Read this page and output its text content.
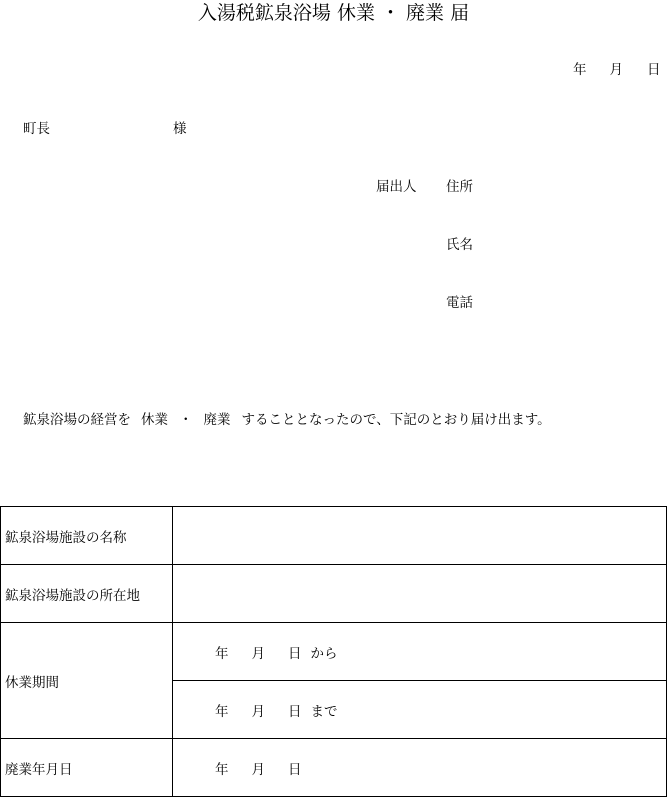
入湯税鉱泉浴場 休業 ・ 廃業 届
年 月 日
町長	様
届出人 住所
氏名
電話
鉱泉浴場の経営を 休業 ・ 廃業 することとなったので、下記のとおり届け出ます。
鉱泉浴場施設の名称	
鉱泉浴場施設の所在地	
休業期間	年 月 日 から
	年 月 日 まで
廃業年月日	年 月 日
